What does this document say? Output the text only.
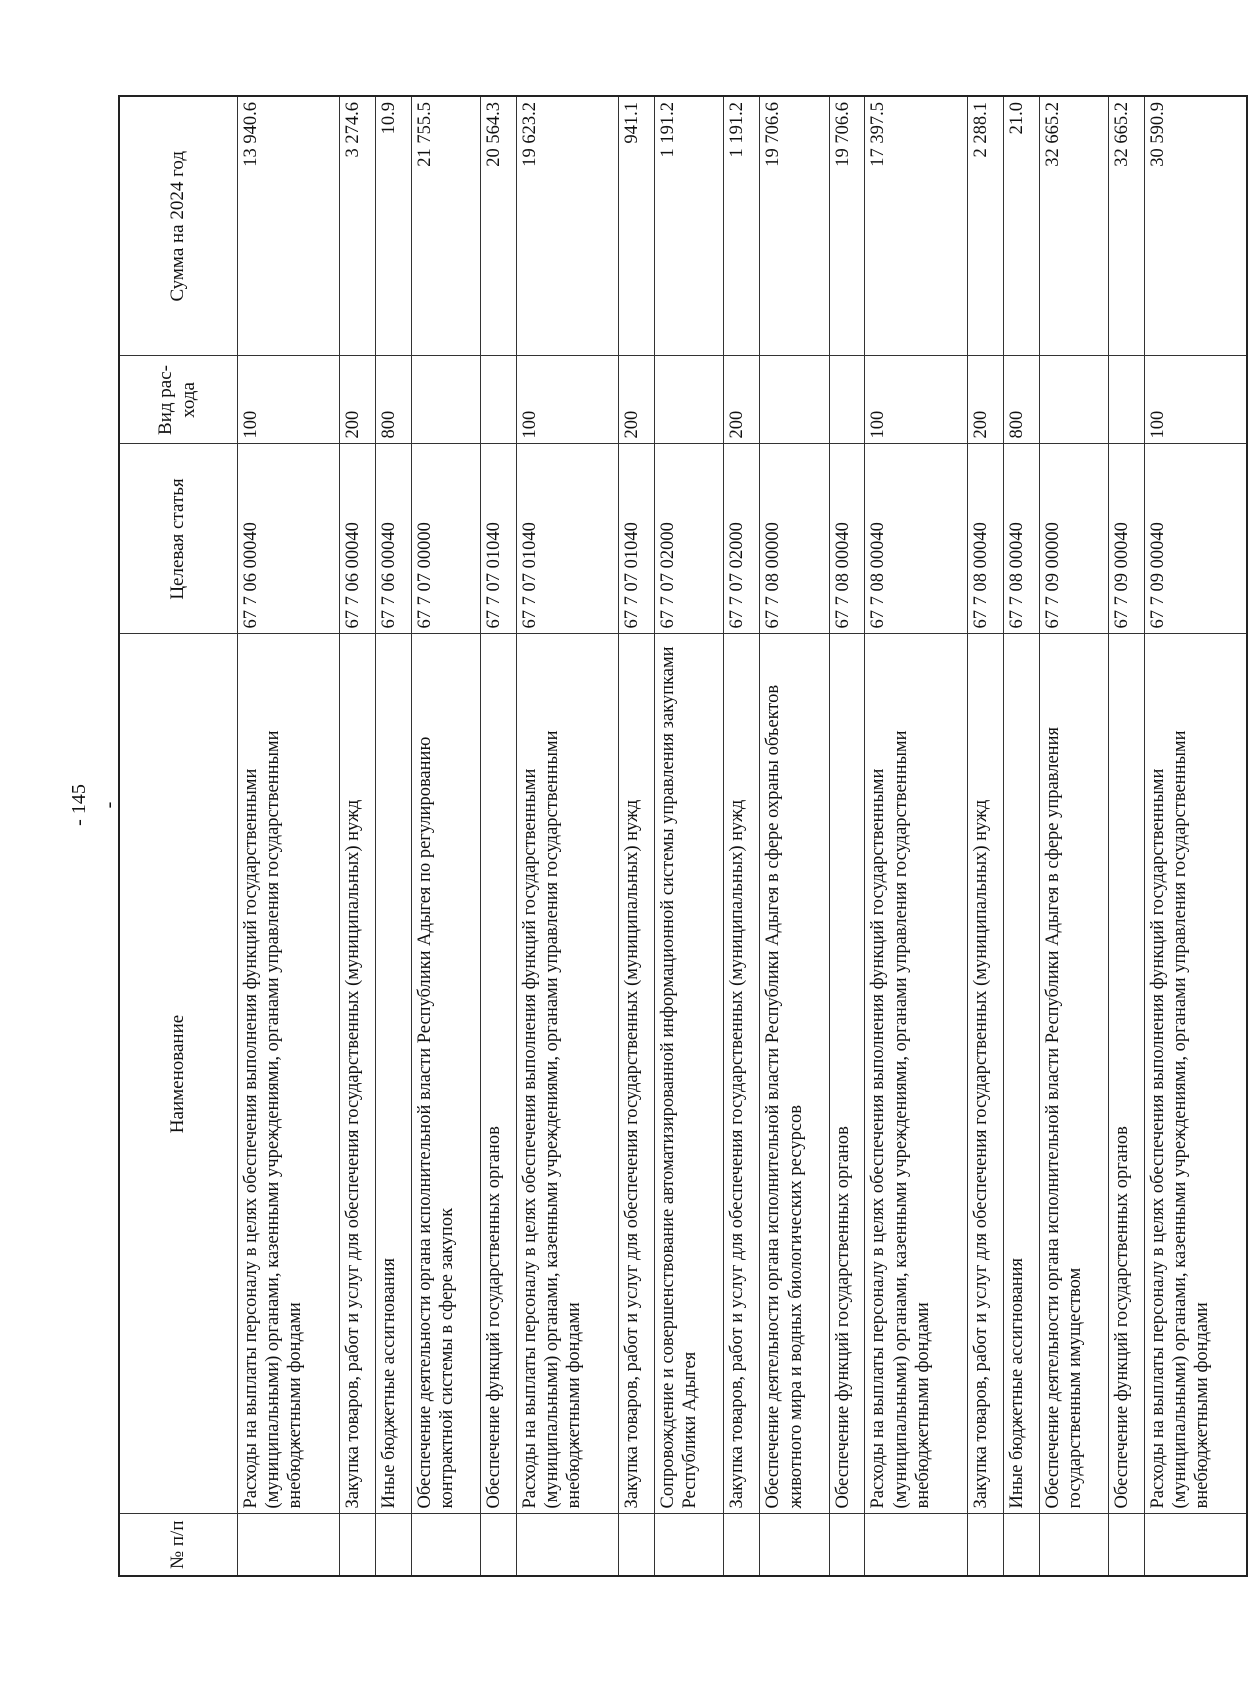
- 145 -
№ п/п	Наименование	Целевая статья	Вид рас-хода	Сумма на 2024 год
	Расходы на выплаты персоналу в целях обеспечения выполнения функций государственными (муниципальными) органами, казенными учреждениями, органами управления государственными внебюджетными фондами	67 7 06 00040	100	13 940.6
	Закупка товаров, работ и услуг для обеспечения государственных (муниципальных) нужд	67 7 06 00040	200	3 274.6
	Иные бюджетные ассигнования	67 7 06 00040	800	10.9
	Обеспечение деятельности органа исполнительной власти Республики Адыгея по регулированию контрактной системы в сфере закупок	67 7 07 00000		21 755.5
	Обеспечение функций государственных органов	67 7 07 01040		20 564.3
	Расходы на выплаты персоналу в целях обеспечения выполнения функций государственными (муниципальными) органами, казенными учреждениями, органами управления государственными внебюджетными фондами	67 7 07 01040	100	19 623.2
	Закупка товаров, работ и услуг для обеспечения государственных (муниципальных) нужд	67 7 07 01040	200	941.1
	Сопровождение и совершенствование автоматизированной информационной системы управления закупками Республики Адыгея	67 7 07 02000		1 191.2
	Закупка товаров, работ и услуг для обеспечения государственных (муниципальных) нужд	67 7 07 02000	200	1 191.2
	Обеспечение деятельности органа исполнительной власти Республики Адыгея в сфере охраны объектов животного мира и водных биологических ресурсов	67 7 08 00000		19 706.6
	Обеспечение функций государственных органов	67 7 08 00040		19 706.6
	Расходы на выплаты персоналу в целях обеспечения выполнения функций государственными (муниципальными) органами, казенными учреждениями, органами управления государственными внебюджетными фондами	67 7 08 00040	100	17 397.5
	Закупка товаров, работ и услуг для обеспечения государственных (муниципальных) нужд	67 7 08 00040	200	2 288.1
	Иные бюджетные ассигнования	67 7 08 00040	800	21.0
	Обеспечение деятельности органа исполнительной власти Республики Адыгея в сфере управления государственным имуществом	67 7 09 00000		32 665.2
	Обеспечение функций государственных органов	67 7 09 00040		32 665.2
	Расходы на выплаты персоналу в целях обеспечения выполнения функций государственными (муниципальными) органами, казенными учреждениями, органами управления государственными внебюджетными фондами	67 7 09 00040	100	30 590.9
